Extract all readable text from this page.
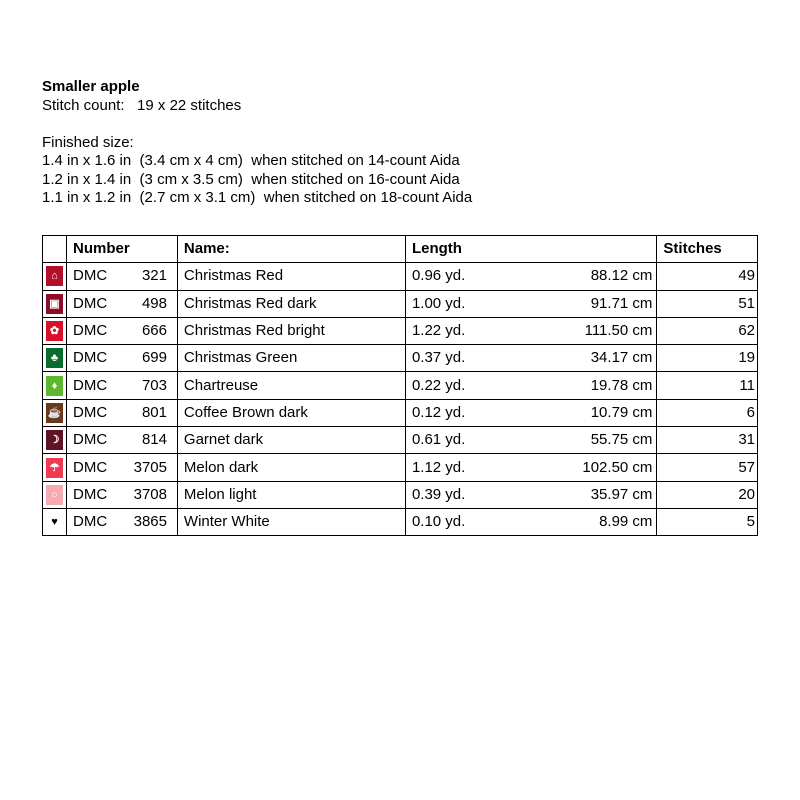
Smaller apple
Stitch count:   19 x 22 stitches
Finished size:
1.4 in x 1.6 in  (3.4 cm x 4 cm)  when stitched on 14-count Aida
1.2 in x 1.4 in  (3 cm x 3.5 cm)  when stitched on 16-count Aida
1.1 in x 1.2 in  (2.7 cm x 3.1 cm)  when stitched on 18-count Aida
	Number	Name:	Length	Stitches

⌂	DMC 321	Christmas Red	0.96 yd. 88.12 cm	49

▣	DMC 498	Christmas Red dark	1.00 yd. 91.71 cm	51

✿	DMC 666	Christmas Red bright	1.22 yd. 111.50 cm	62

♣	DMC 699	Christmas Green	0.37 yd. 34.17 cm	19

♦	DMC 703	Chartreuse	0.22 yd. 19.78 cm	11

☕	DMC 801	Coffee Brown dark	0.12 yd. 10.79 cm	6

☽	DMC 814	Garnet dark	0.61 yd. 55.75 cm	31

☂	DMC 3705	Melon dark	1.12 yd. 102.50 cm	57

○	DMC 3708	Melon light	0.39 yd. 35.97 cm	20

♥	DMC 3865	Winter White	0.10 yd. 8.99 cm	5
